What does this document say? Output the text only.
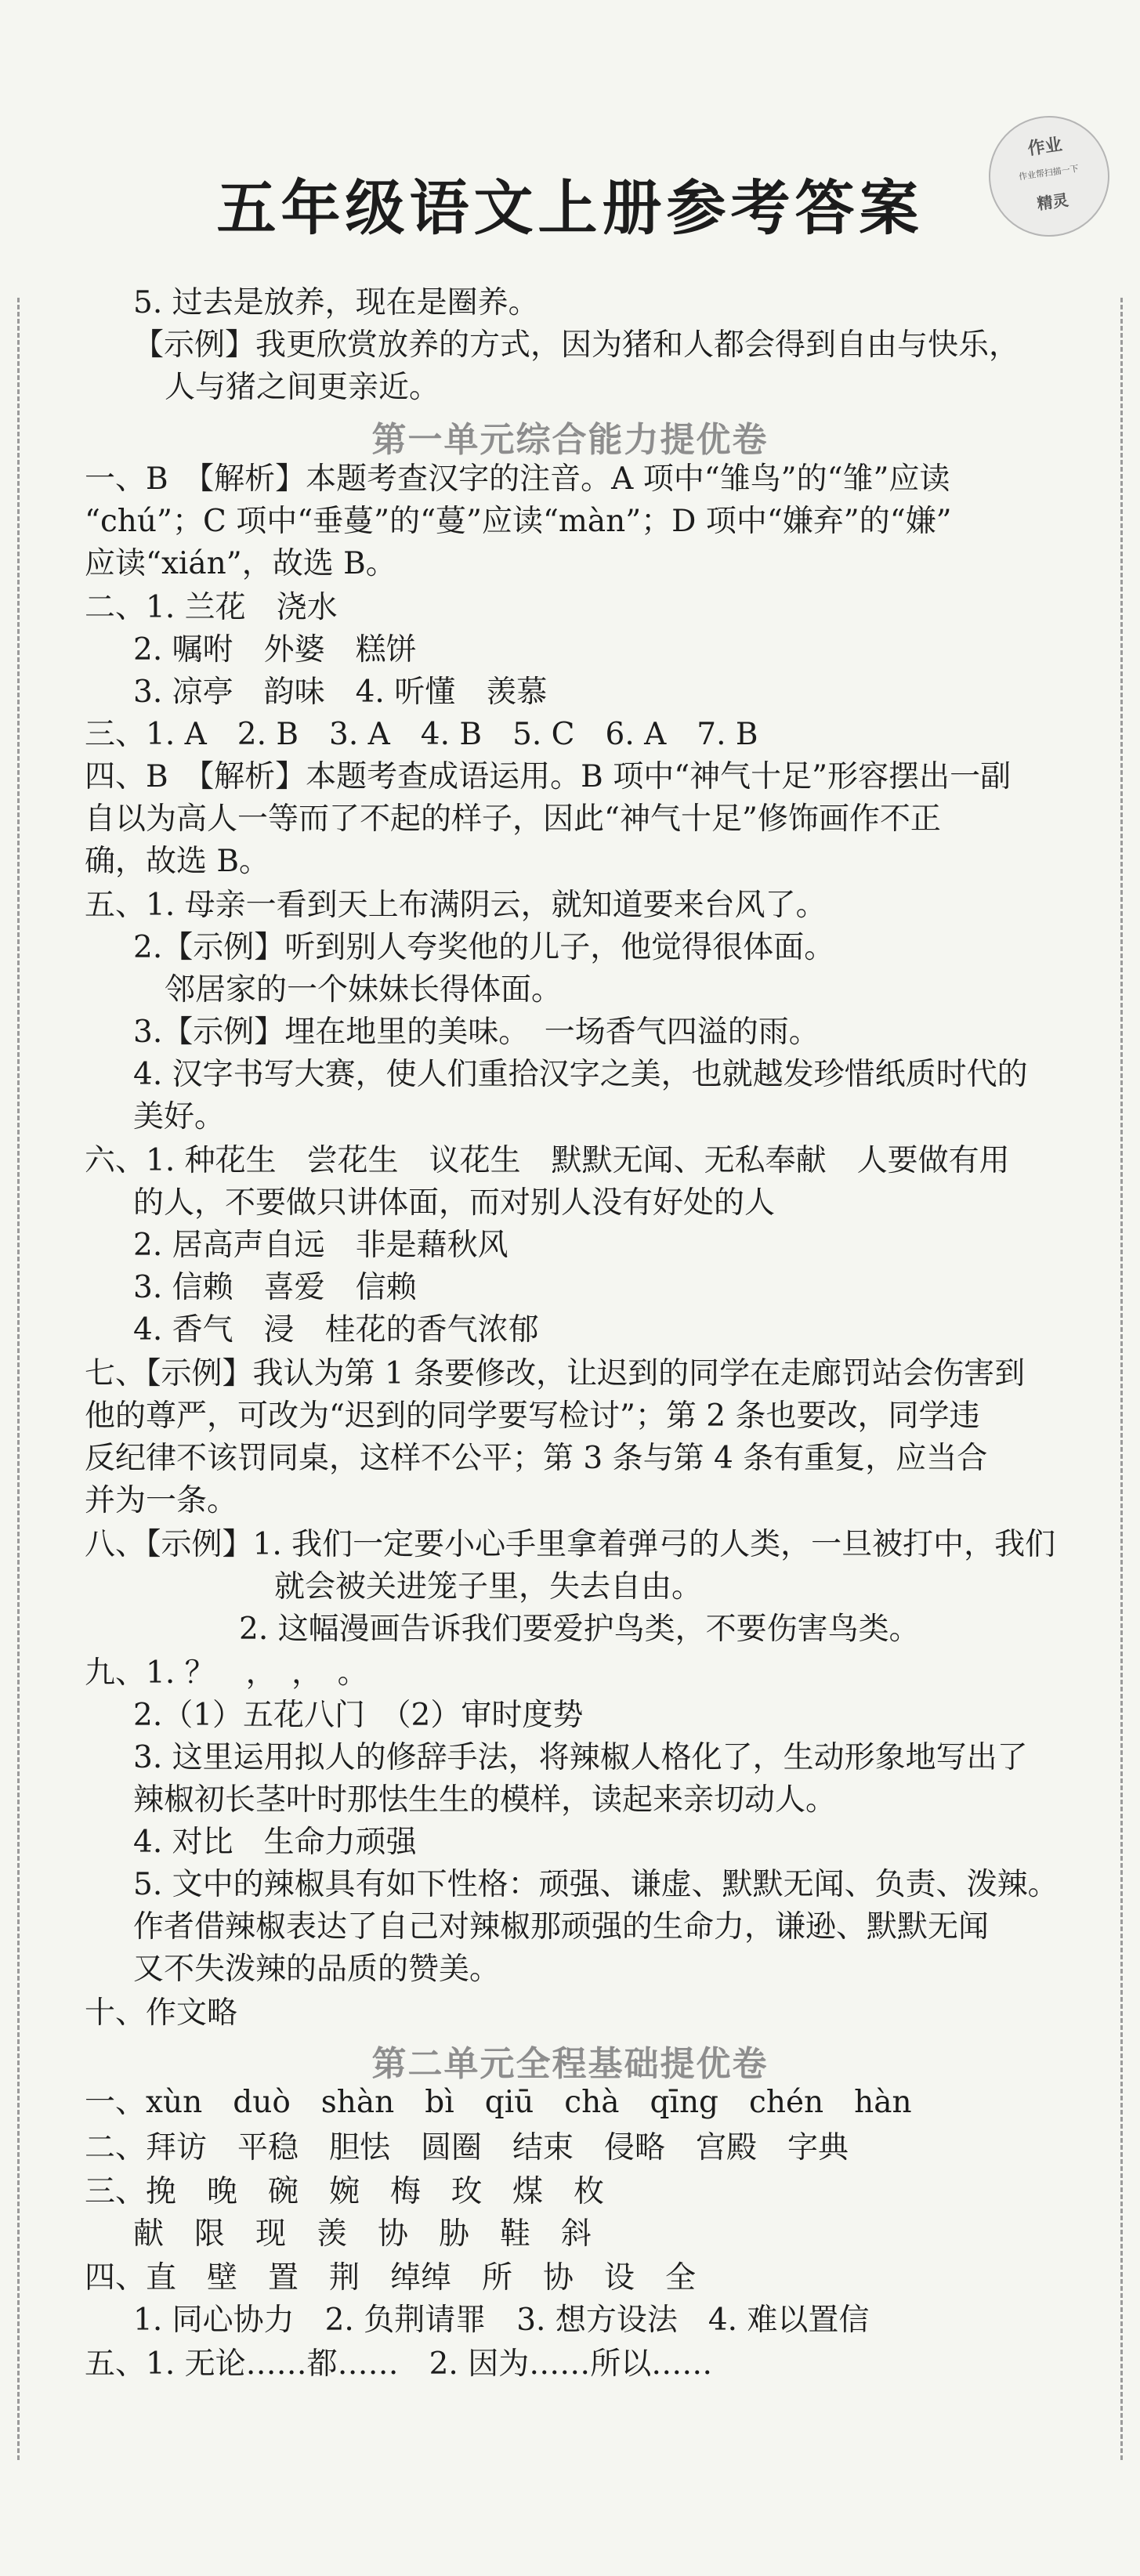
作业
作业帮扫描一下
精灵
五年级语文上册参考答案
5. 过去是放养，现在是圈养。
【示例】我更欣赏放养的方式，因为猪和人都会得到自由与快乐，
人与猪之间更亲近。
一、B　【解析】本题考查汉字的注音。A 项中“雏鸟”的“雏”应读
“chú”；C 项中“垂蔓”的“蔓”应读“màn”；D 项中“嫌弃”的“嫌”
应读“xián”，故选 B。
二、1. 兰花　浇水
2. 嘱咐　外婆　糕饼
3. 凉亭　韵味　4. 听懂　羡慕
三、1. A　2. B　3. A　4. B　5. C　6. A　7. B
四、B　【解析】本题考查成语运用。B 项中“神气十足”形容摆出一副
自以为高人一等而了不起的样子，因此“神气十足”修饰画作不正
确，故选 B。
五、1. 母亲一看到天上布满阴云，就知道要来台风了。
2.【示例】听到别人夸奖他的儿子，他觉得很体面。
邻居家的一个妹妹长得体面。
3.【示例】埋在地里的美味。　一场香气四溢的雨。
4. 汉字书写大赛，使人们重拾汉字之美，也就越发珍惜纸质时代的
美好。
六、1. 种花生　尝花生　议花生　默默无闻、无私奉献　人要做有用
的人，不要做只讲体面，而对别人没有好处的人
2. 居高声自远　非是藉秋风
3. 信赖　喜爱　信赖
4. 香气　浸　桂花的香气浓郁
七、【示例】我认为第 1 条要修改，让迟到的同学在走廊罚站会伤害到
他的尊严，可改为“迟到的同学要写检讨”；第 2 条也要改，同学违
反纪律不该罚同桌，这样不公平；第 3 条与第 4 条有重复，应当合
并为一条。
八、【示例】1. 我们一定要小心手里拿着弹弓的人类，一旦被打中，我们
就会被关进笼子里，失去自由。
2. 这幅漫画告诉我们要爱护鸟类，不要伤害鸟类。
九、1. ？　，　，　。
2.（1）五花八门　（2）审时度势
3. 这里运用拟人的修辞手法，将辣椒人格化了，生动形象地写出了
辣椒初长茎叶时那怯生生的模样，读起来亲切动人。
4. 对比　生命力顽强
5. 文中的辣椒具有如下性格：顽强、谦虚、默默无闻、负责、泼辣。
作者借辣椒表达了自己对辣椒那顽强的生命力，谦逊、默默无闻
又不失泼辣的品质的赞美。
十、作文略
一、xùn　duò　shàn　bì　qiū　chà　qīng　chén　hàn
二、拜访　平稳　胆怯　圆圈　结束　侵略　宫殿　字典
三、挽　晚　碗　婉　梅　玫　煤　枚
献　限　现　羡　协　胁　鞋　斜
四、直　壁　置　荆　绰绰　所　协　设　全
1. 同心协力　2. 负荆请罪　3. 想方设法　4. 难以置信
五、1. 无论……都……　2. 因为……所以……
第一单元综合能力提优卷
第二单元全程基础提优卷
